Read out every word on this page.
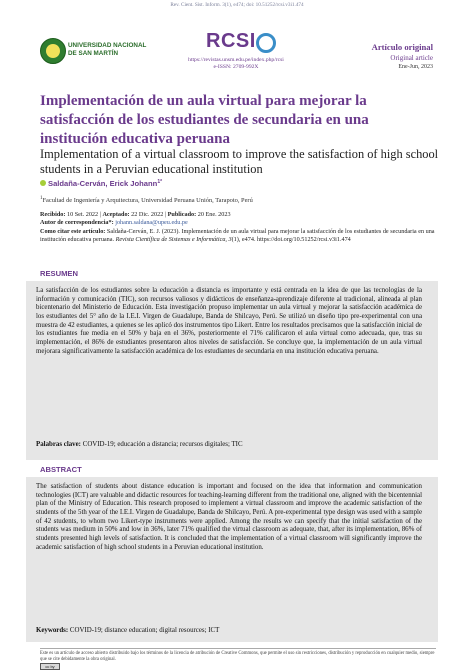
Rev. Cient. Sist. Inform. 3(1), e474; doi: 10.51252/rcsi.v3i1.474
UNIVERSIDAD NACIONAL
DE SAN MARTÍN
RCSI
https://revistas.unsm.edu.pe/index.php/rcsi
e-ISSN: 2709-992X
Artículo original
Original article
Ene-Jun, 2023
Implementación de un aula virtual para mejorar la satisfacción de los estudiantes de secundaria en una institución educativa peruana
Implementation of a virtual classroom to improve the satisfaction of high school students in a Peruvian educational institution
Saldaña-Cerván, Erick Johann$^{1*}$
$^1$Facultad de Ingeniería y Arquitectura, Universidad Peruana Unión, Tarapoto, Perú
Recibido: 10 Set. 2022 | Aceptado: 22 Dic. 2022 | Publicado: 20 Ene. 2023
Autor de correspondencia*: johann.saldana@upeu.edu.pe
Como citar este artículo: Saldaña-Cerván, E. J. (2023). Implementación de un aula virtual para mejorar la satisfacción de los estudiantes de secundaria en una institución educativa peruana. Revista Científica de Sistemas e Informática, 3(1), e474. https://doi.org/10.51252/rcsi.v3i1.474
RESUMEN
La satisfacción de los estudiantes sobre la educación a distancia es importante y está centrada en la idea de que las tecnologías de la información y comunicación (TIC), son recursos valiosos y didácticos de enseñanza-aprendizaje diferente al tradicional, alineada al plan bicentenario del Ministerio de Educación. Esta investigación propuso implementar un aula virtual y mejorar la satisfacción académica de los estudiantes del 5° año de la I.E.I. Virgen de Guadalupe, Banda de Shilcayo, Perú. Se utilizó un diseño tipo pre-experimental con una muestra de 42 estudiantes, a quienes se les aplicó dos instrumentos tipo Likert. Entre los resultados precisamos que la satisfacción inicial de los estudiantes fue media en el 50% y baja en el 36%, posteriormente el 71% calificaron el aula virtual como adecuada, que, tras su implementación, el 86% de estudiantes presentaron altos niveles de satisfacción. Se concluye que, la implementación de un aula virtual mejorara significativamente la satisfacción académica de los estudiantes de secundaria en una institución educativa peruana.
Palabras clave: COVID-19; educación a distancia; recursos digitales; TIC
ABSTRACT
The satisfaction of students about distance education is important and focused on the idea that information and communication technologies (ICT) are valuable and didactic resources for teaching-learning different from the traditional one, aligned with the bicentennial plan of the Ministry of Education. This research proposed to implement a virtual classroom and improve the academic satisfaction of the students of the 5th year of the I.E.I. Virgen de Guadalupe, Banda de Shilcayo, Perú. A pre-experimental type design was used with a sample of 42 students, to whom two Likert-type instruments were applied. Among the results we can specify that the initial satisfaction of the students was medium in 50% and low in 36%, later 71% qualified the virtual classroom as adequate, that, after its implementation, 86% of students presented high levels of satisfaction. It is concluded that the implementation of a virtual classroom will significantly improve the academic satisfaction of high school students in a Peruvian educational institution.
Keywords: COVID-19; distance education; digital resources; ICT
Este es un artículo de acceso abierto distribuido bajo los términos de la licencia de atribución de Creative Commons, que permite el uso sin restricciones, distribución y reproducción en cualquier medio, siempre que se cite debidamente la obra original.
cc by
